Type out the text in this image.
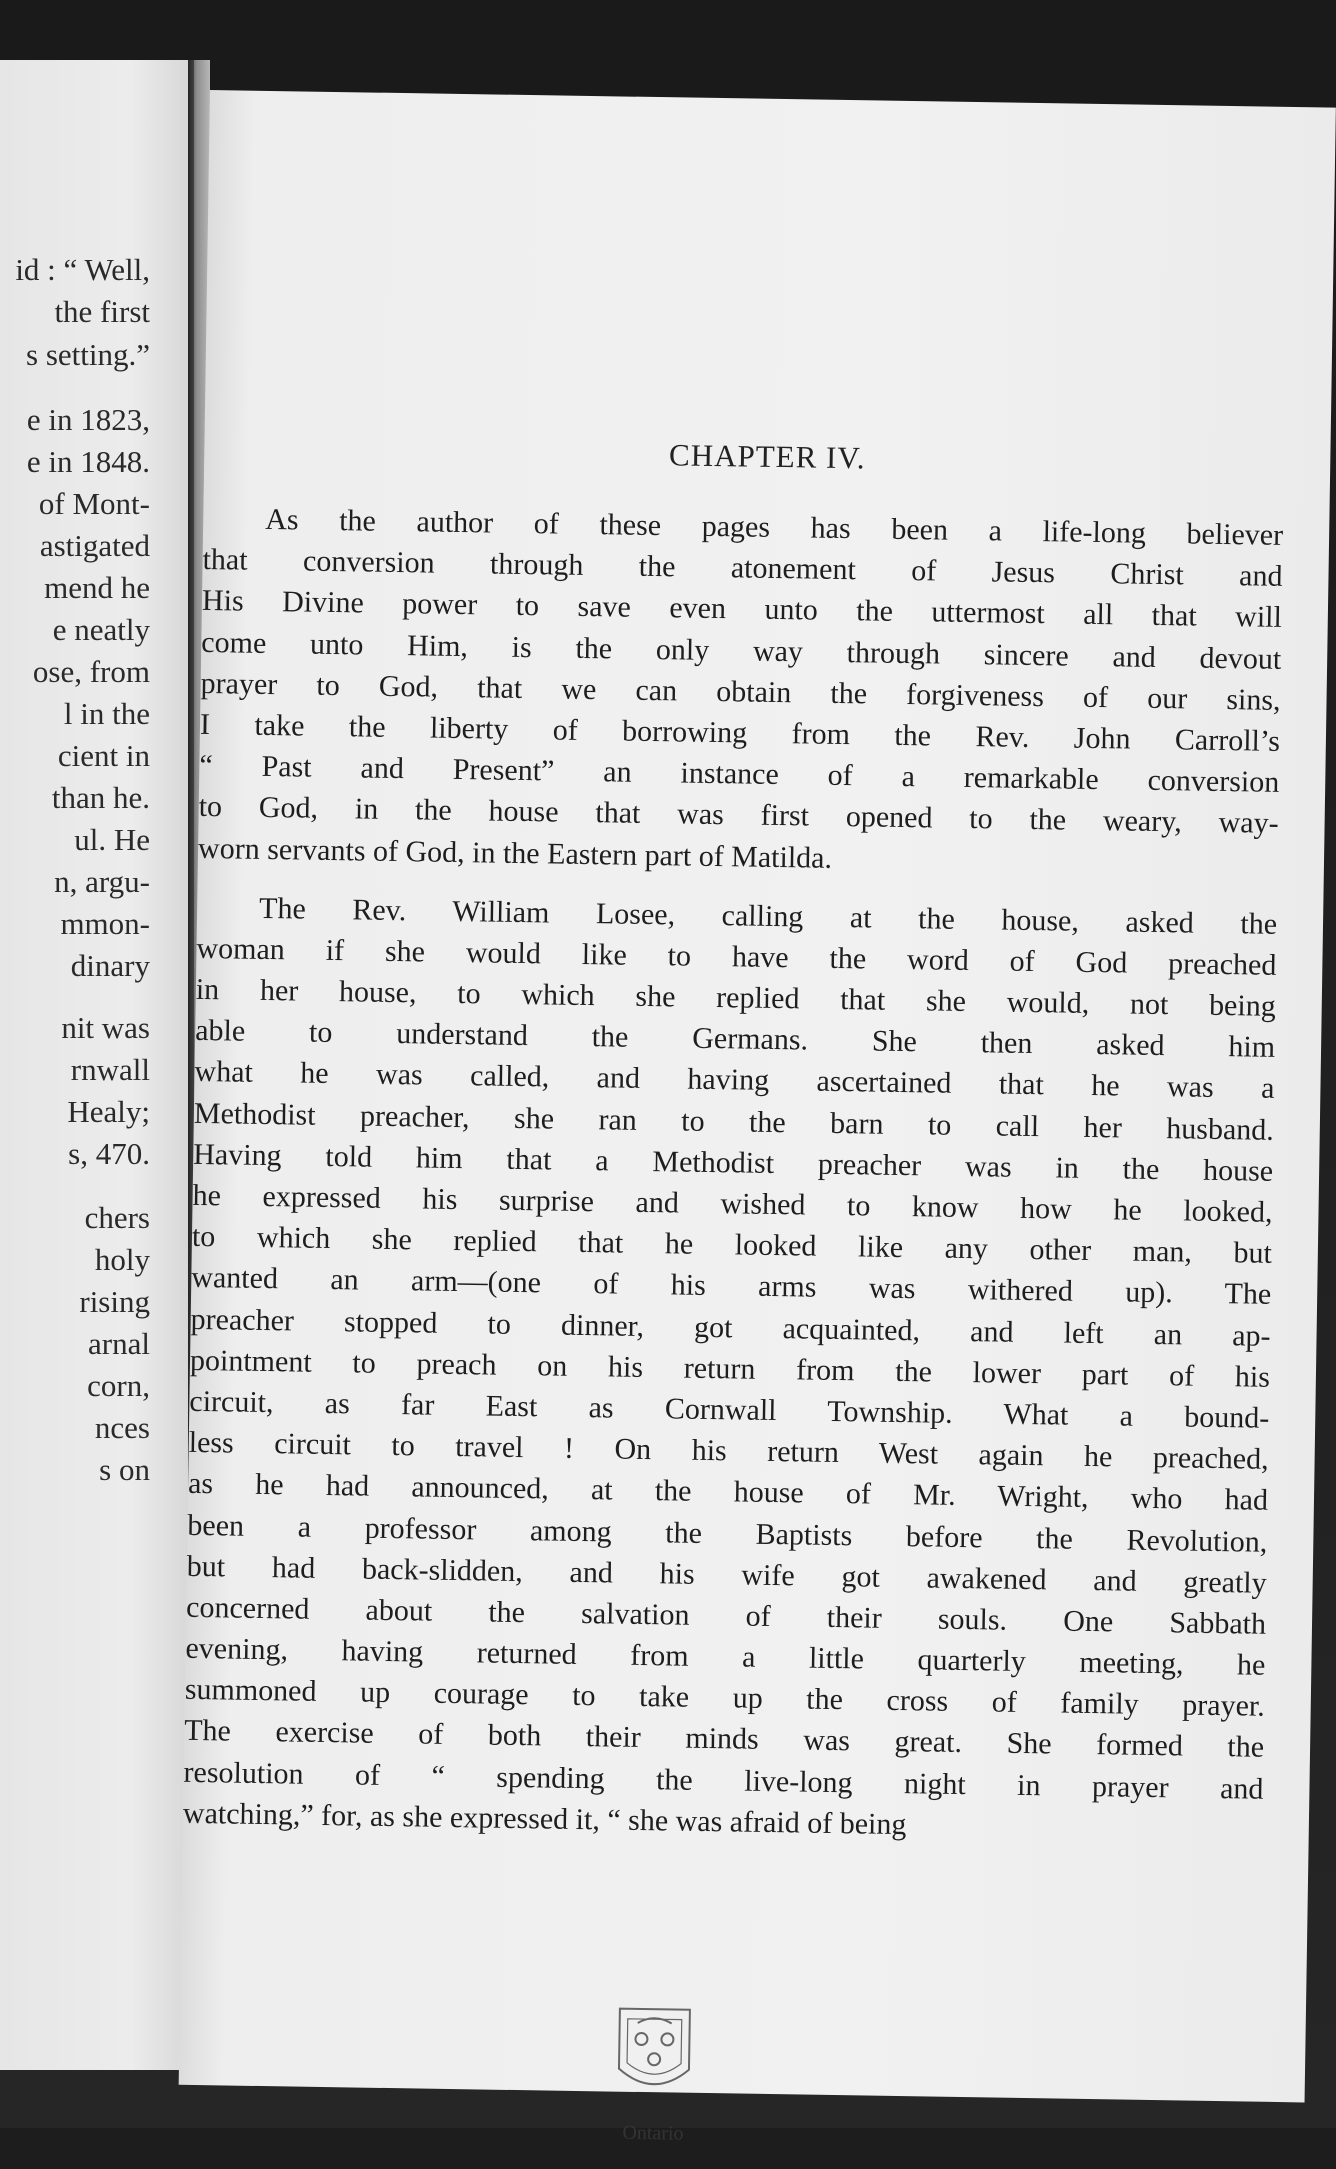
id : “ Well,
the first
s setting.”
e in 1823,
e in 1848.
of Mont-
astigated
mend he
e neatly
ose, from
l in the
cient in
than he.
ul. He
n, argu-
mmon-
dinary
nit was
rnwall
Healy;
s, 470.
chers
holy
rising
arnal
corn,
nces
s on
CHAPTER IV.
As the author of these pages has been a life-long believer
that conversion through the atonement of Jesus Christ and
His Divine power to save even unto the uttermost all that will
come unto Him, is the only way through sincere and devout
prayer to God, that we can obtain the forgiveness of our sins,
I take the liberty of borrowing from the Rev. John Carroll’s
“ Past and Present” an instance of a remarkable conversion
to God, in the house that was first opened to the weary, way-
worn servants of God, in the Eastern part of Matilda.
The Rev. William Losee, calling at the house, asked the
woman if she would like to have the word of God preached
in her house, to which she replied that she would, not being
able to understand the Germans. She then asked him
what he was called, and having ascertained that he was a
Methodist preacher, she ran to the barn to call her husband.
Having told him that a Methodist preacher was in the house
he expressed his surprise and wished to know how he looked,
to which she replied that he looked like any other man, but
wanted an arm—(one of his arms was withered up). The
preacher stopped to dinner, got acquainted, and left an ap-
pointment to preach on his return from the lower part of his
circuit, as far East as Cornwall Township. What a bound-
less circuit to travel ! On his return West again he preached,
as he had announced, at the house of Mr. Wright, who had
been a professor among the Baptists before the Revolution,
but had back-slidden, and his wife got awakened and greatly
concerned about the salvation of their souls. One Sabbath
evening, having returned from a little quarterly meeting, he
summoned up courage to take up the cross of family prayer.
The exercise of both their minds was great. She formed the
resolution of “ spending the live-long night in prayer and
watching,” for, as she expressed it, “ she was afraid of being
Ontario
